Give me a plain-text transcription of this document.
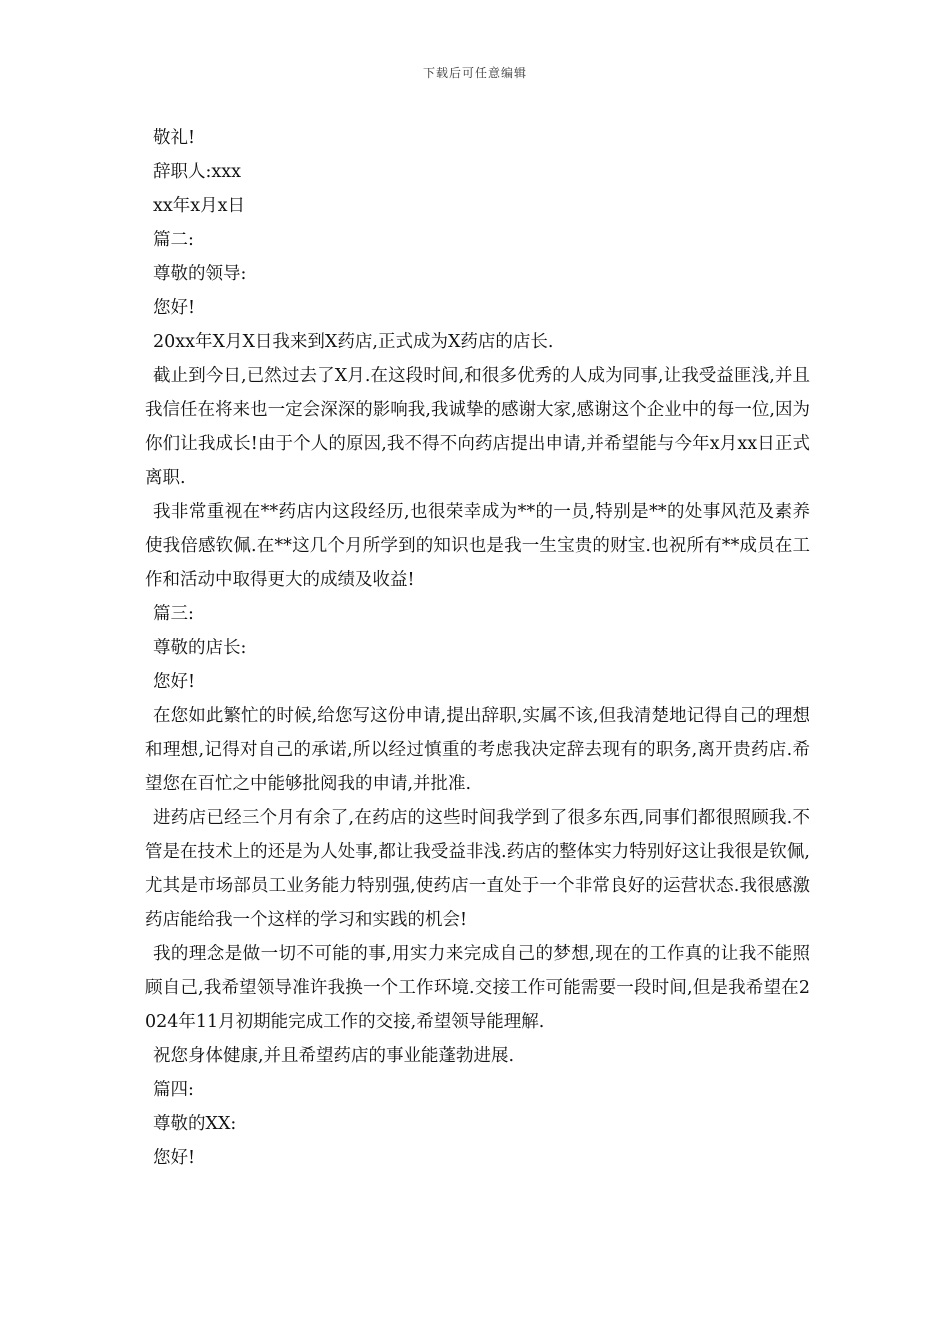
下载后可任意编辑

敬礼!

辞职人:xxx

xx年x月x日

篇二:

尊敬的领导:

您好!

20xx年X月X日我来到X药店,正式成为X药店的店长.

截止到今日,已然过去了X月.在这段时间,和很多优秀的人成为同事,让我受益匪浅,并且我信任在将来也一定会深深的影响我,我诚挚的感谢大家,感谢这个企业中的每一位,因为你们让我成长!由于个人的原因,我不得不向药店提出申请,并希望能与今年x月xx日正式离职.

我非常重视在**药店内这段经历,也很荣幸成为**的一员,特别是**的处事风范及素养使我倍感钦佩.在**这几个月所学到的知识也是我一生宝贵的财宝.也祝所有**成员在工作和活动中取得更大的成绩及收益!

篇三:

尊敬的店长:

您好!

在您如此繁忙的时候,给您写这份申请,提出辞职,实属不该,但我清楚地记得自己的理想和理想,记得对自己的承诺,所以经过慎重的考虑我决定辞去现有的职务,离开贵药店.希望您在百忙之中能够批阅我的申请,并批准.

进药店已经三个月有余了,在药店的这些时间我学到了很多东西,同事们都很照顾我.不管是在技术上的还是为人处事,都让我受益非浅.药店的整体实力特别好这让我很是钦佩,尤其是市场部员工业务能力特别强,使药店一直处于一个非常良好的运营状态.我很感激药店能给我一个这样的学习和实践的机会!

我的理念是做一切不可能的事,用实力来完成自己的梦想,现在的工作真的让我不能照顾自己,我希望领导准许我换一个工作环境.交接工作可能需要一段时间,但是我希望在2024年11月初期能完成工作的交接,希望领导能理解.

祝您身体健康,并且希望药店的事业能蓬勃进展.

篇四:

尊敬的XX:

您好!
